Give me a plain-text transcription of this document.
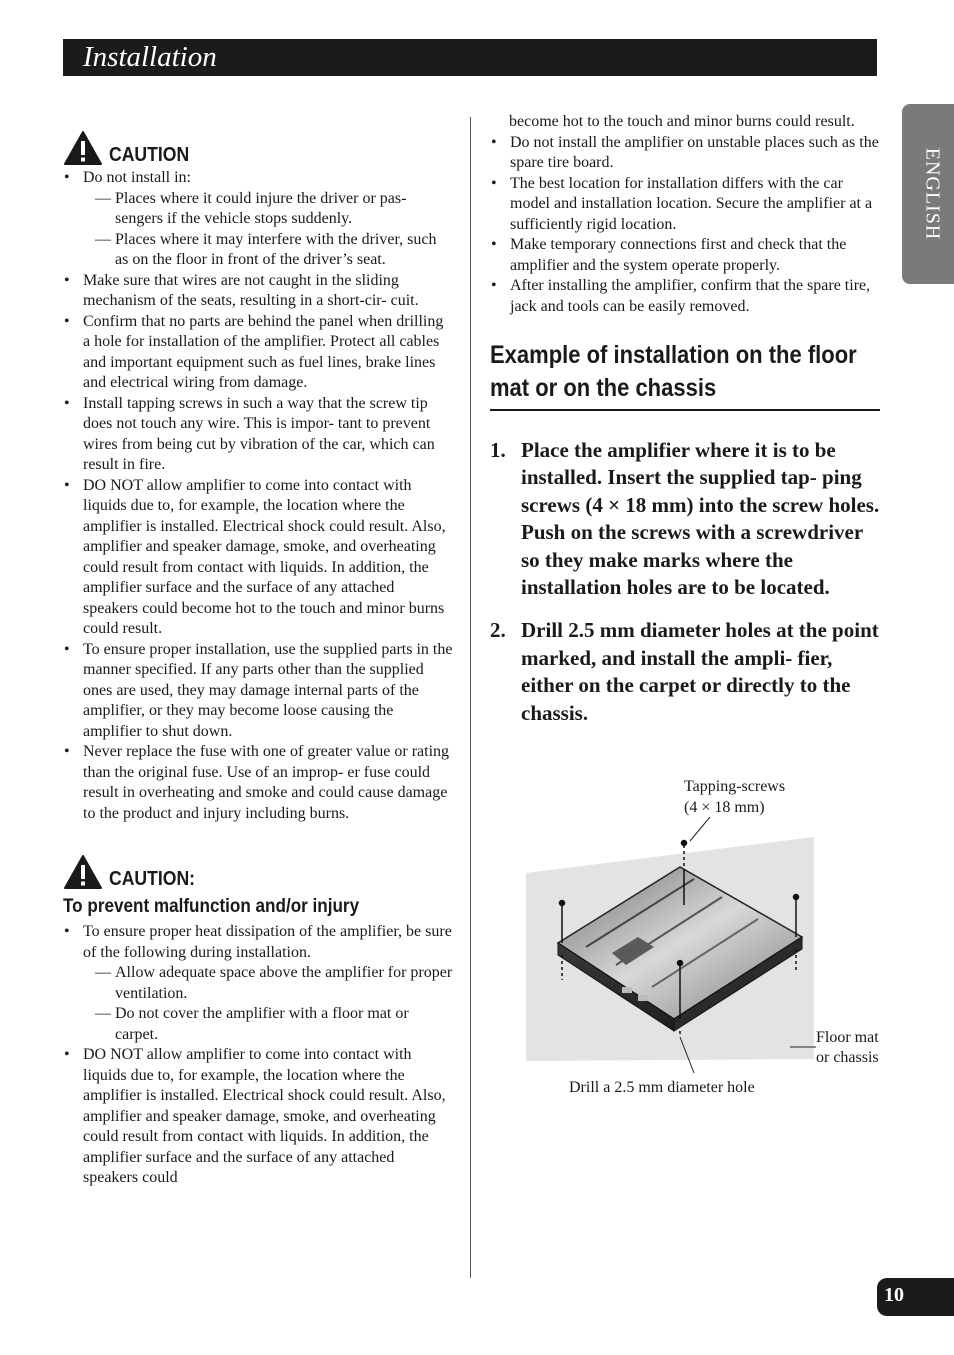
Installation
ENGLISH
CAUTION
• Do not install in:
— Places where it could injure the driver or pas- sengers if the vehicle stops suddenly.
— Places where it may interfere with the driver, such as on the floor in front of the driver’s seat.
• Make sure that wires are not caught in the sliding mechanism of the seats, resulting in a short-cir- cuit.
• Confirm that no parts are behind the panel when drilling a hole for installation of the amplifier. Protect all cables and important equipment such as fuel lines, brake lines and electrical wiring from damage.
• Install tapping screws in such a way that the screw tip does not touch any wire. This is impor- tant to prevent wires from being cut by vibration of the car, which can result in fire.
• DO NOT allow amplifier to come into contact with liquids due to, for example, the location where the amplifier is installed. Electrical shock could result. Also, amplifier and speaker damage, smoke, and overheating could result from contact with liquids. In addition, the amplifier surface and the surface of any attached speakers could become hot to the touch and minor burns could result.
• To ensure proper installation, use the supplied parts in the manner specified. If any parts other than the supplied ones are used, they may damage internal parts of the amplifier, or they may become loose causing the amplifier to shut down.
• Never replace the fuse with one of greater value or rating than the original fuse. Use of an improp- er fuse could result in overheating and smoke and could cause damage to the product and injury including burns.
CAUTION:
To prevent malfunction and/or injury
• To ensure proper heat dissipation of the amplifier, be sure of the following during installation.
— Allow adequate space above the amplifier for proper ventilation.
— Do not cover the amplifier with a floor mat or carpet.
• DO NOT allow amplifier to come into contact with liquids due to, for example, the location where the amplifier is installed. Electrical shock could result. Also, amplifier and speaker damage, smoke, and overheating could result from contact with liquids. In addition, the amplifier surface and the surface of any attached speakers could
become hot to the touch and minor burns could result.
• Do not install the amplifier on unstable places such as the spare tire board.
• The best location for installation differs with the car model and installation location. Secure the amplifier at a sufficiently rigid location.
• Make temporary connections first and check that the amplifier and the system operate properly.
• After installing the amplifier, confirm that the spare tire, jack and tools can be easily removed.
Example of installation on the floor
mat or on the chassis
1. Place the amplifier where it is to be installed. Insert the supplied tap- ping screws (4 × 18 mm) into the screw holes. Push on the screws with a screwdriver so they make marks where the installation holes are to be located.
2. Drill 2.5 mm diameter holes at the point marked, and install the ampli- fier, either on the carpet or directly to the chassis.
Tapping-screws
(4 × 18 mm)
Floor mat
or chassis
Drill a 2.5 mm diameter hole
10
